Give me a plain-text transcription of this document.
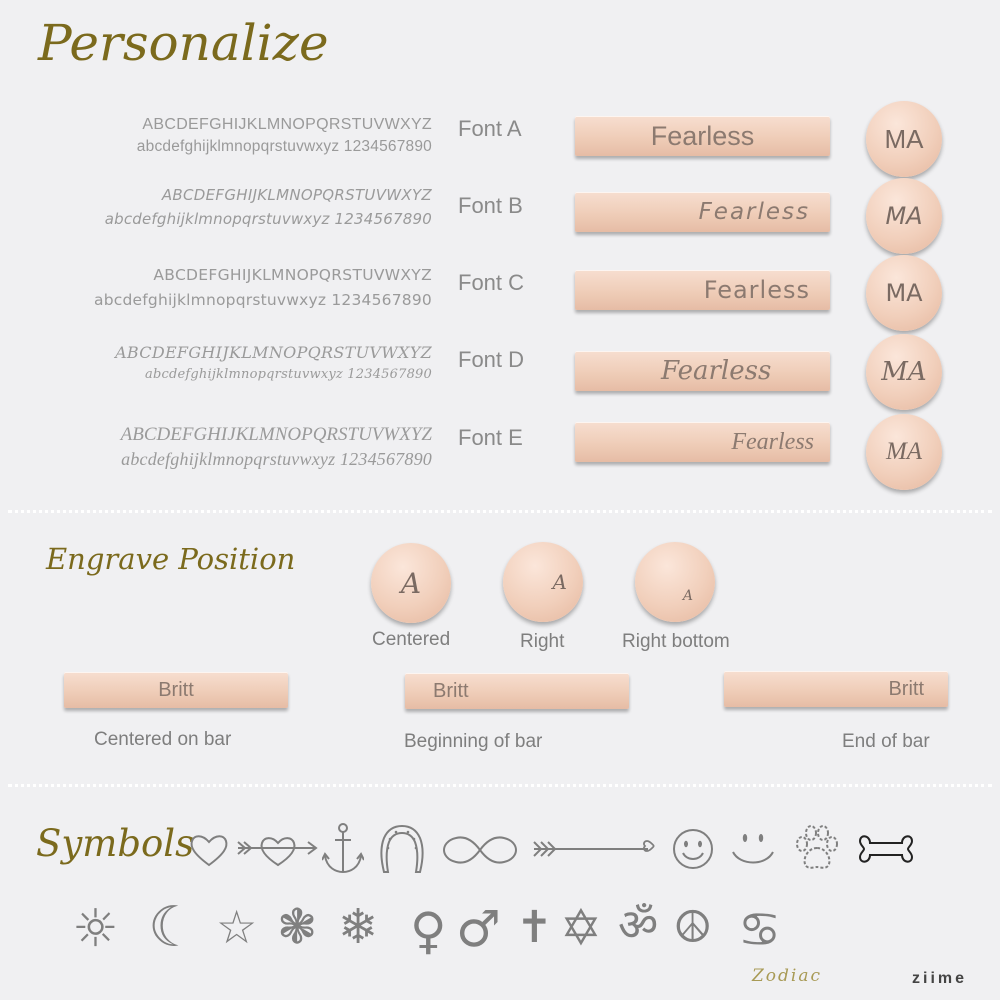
Personalize
ABCDEFGHIJKLMNOPQRSTUVWXYZ
abcdefghijklmnopqrstuvwxyz 1234567890
Font A	Fearless	MA
ABCDEFGHIJKLMNOPQRSTUVWXYZ
abcdefghijklmnopqrstuvwxyz 1234567890
Font B	Fearless	MA
ABCDEFGHIJKLMNOPQRSTUVWXYZ
abcdefghijklmnopqrstuvwxyz 1234567890
Font C	Fearless	MA
ABCDEFGHIJKLMNOPQRSTUVWXYZ
abcdefghijklmnopqrstuvwxyz 1234567890
Font D	Fearless	MA
ABCDEFGHIJKLMNOPQRSTUVWXYZ
abcdefghijklmnopqrstuvwxyz 1234567890
Font E	Fearless	MA
Engrave Position
A	A
A
Centered	Right	Right bottom
Britt	Britt	Britt
Centered on bar	Beginning of bar	End of bar
Symbols
☼ ☾ ☆ ❃ ❄ ♀ ♂ ✝ ✡ ॐ ☮ ♋
Zodiac	ziime
